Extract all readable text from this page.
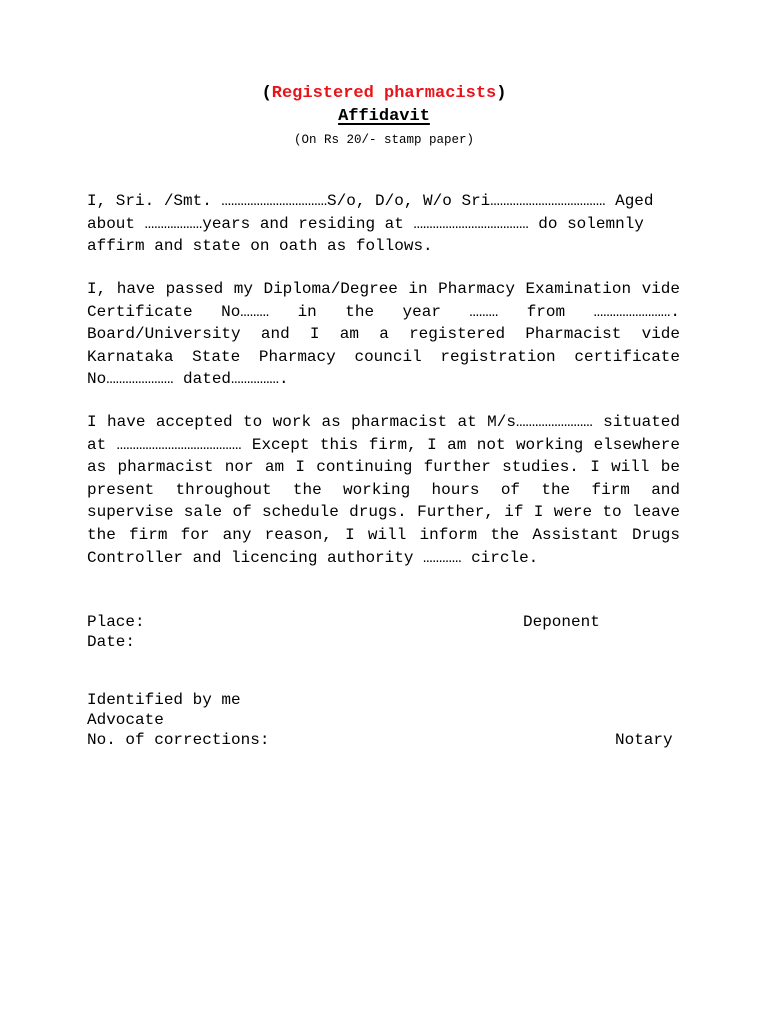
(Registered pharmacists)
Affidavit
(On Rs 20/- stamp paper)

I, Sri. /Smt. ……………………………S/o, D/o, W/o Sri……………………………… Aged about ………………years and residing at ……………………………… do solemnly affirm and state on oath as follows.

I, have passed my Diploma/Degree in Pharmacy Examination vide Certificate No……… in the year ……… from ……………………. Board/University and I am a registered Pharmacist vide Karnataka State Pharmacy council registration certificate No………………… dated…………….

I have accepted to work as pharmacist at M/s…………………… situated at ………………………………… Except this firm, I am not working elsewhere as pharmacist nor am I continuing further studies. I will be present throughout the working hours of the firm and supervise sale of schedule drugs. Further, if I were to leave the firm for any reason, I will inform the Assistant Drugs Controller and licencing authority ………… circle.

Place:	Deponent
Date:
Identified by me
Advocate
No. of corrections:	Notary
